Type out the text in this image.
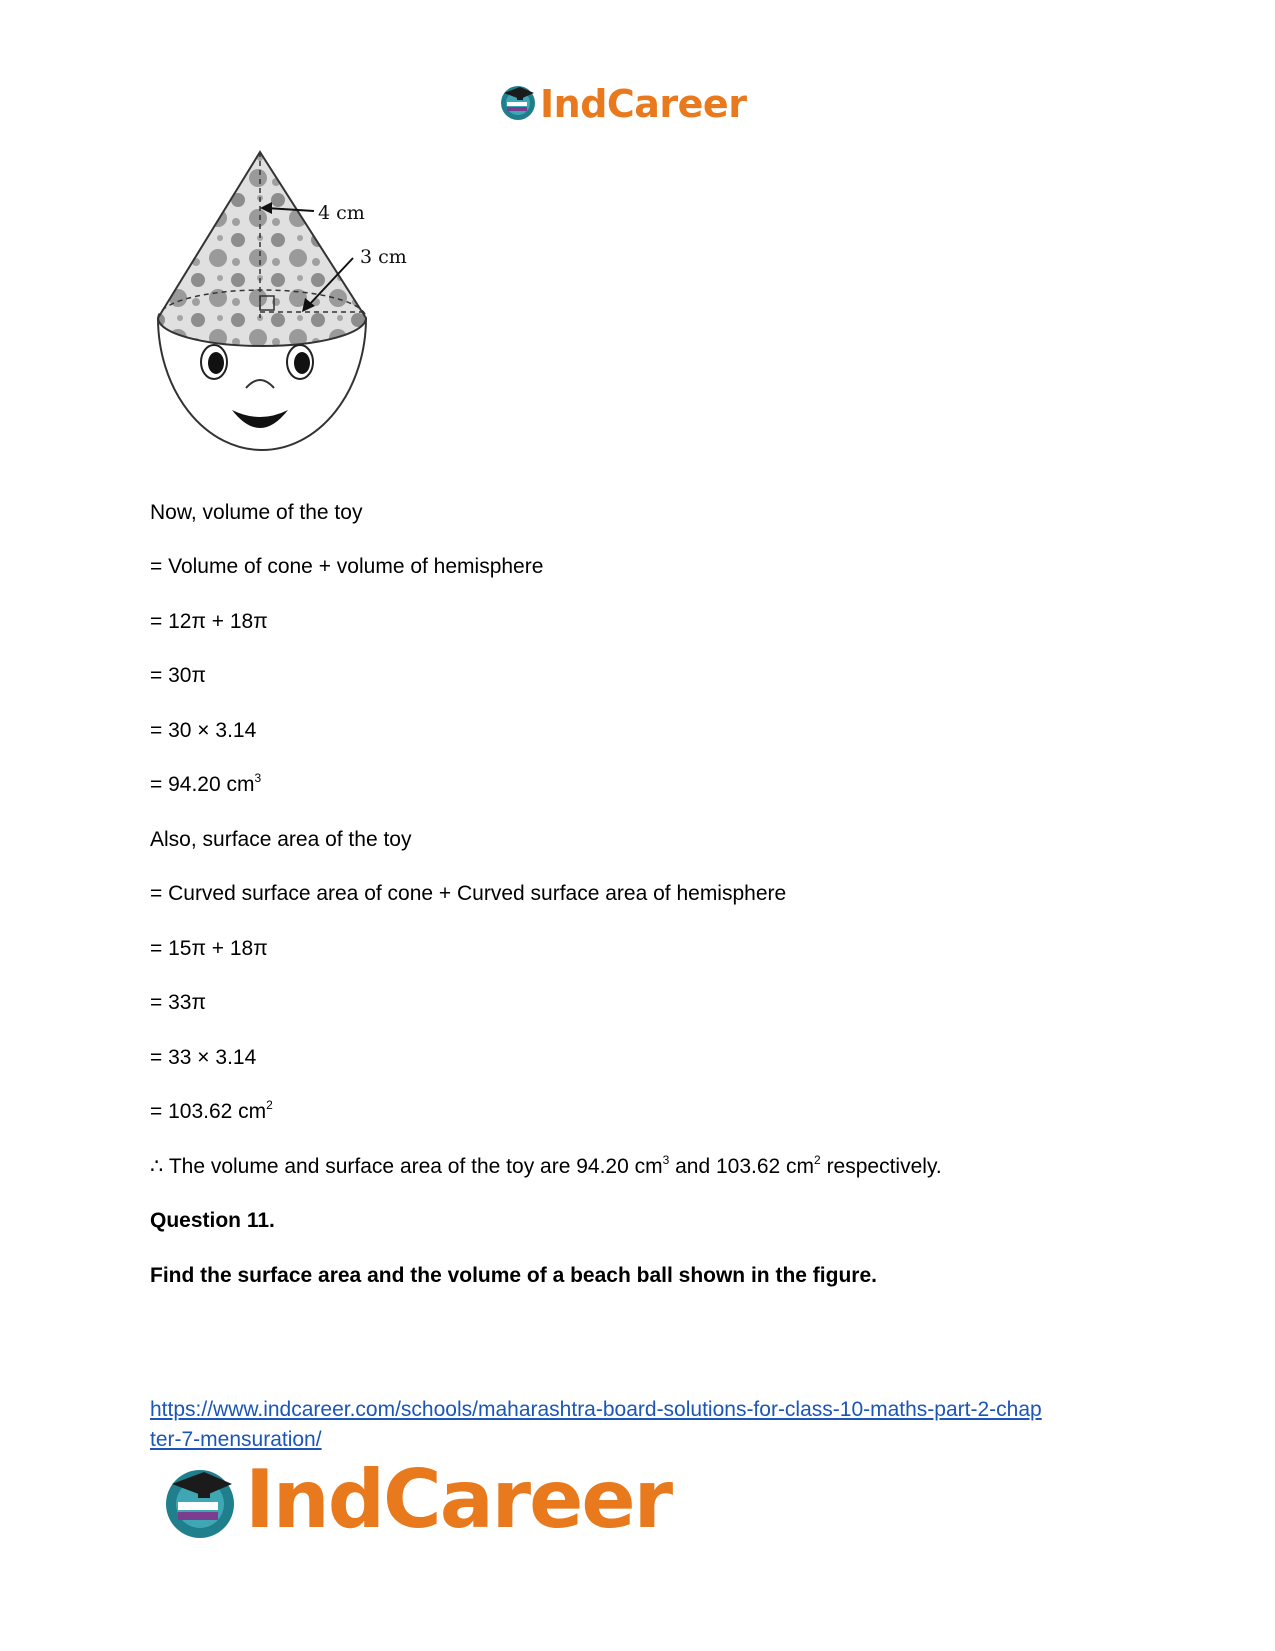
IndCareer
4 cm
3 cm
Now, volume of the toy
= Volume of cone + volume of hemisphere
= 12π + 18π
= 30π
= 30 × 3.14
= 94.20 $cm^3$
Also, surface area of the toy
= Curved surface area of cone + Curved surface area of hemisphere
= 15π + 18π
= 33π
= 33 × 3.14
= 103.62 $cm^2$
∴ The volume and surface area of the toy are 94.20 $cm^3$ and 103.62 $cm^2$ respectively.
Question 11.
Find the surface area and the volume of a beach ball shown in the figure.
https://www.indcareer.com/schools/maharashtra-board-solutions-for-class-10-maths-part-2-chap
ter-7-mensuration/
IndCareer
